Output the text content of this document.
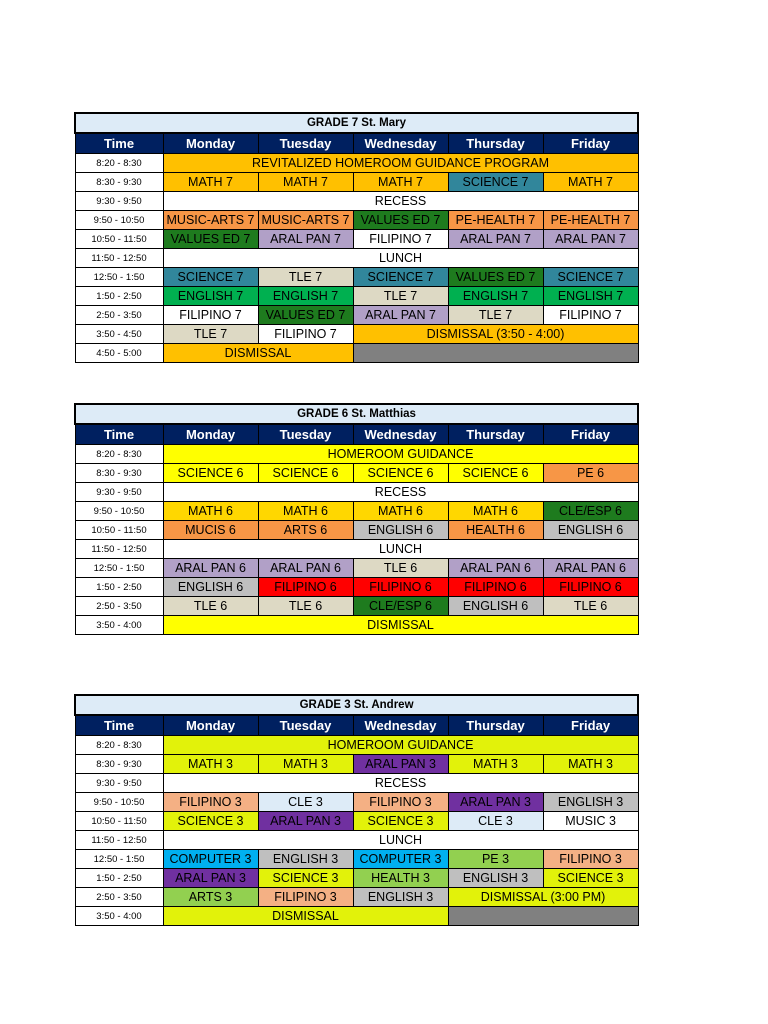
GRADE 7 St. Mary					
Time	Monday	Tuesday	Wednesday	Thursday	Friday
8:20 - 8:30	REVITALIZED HOMEROOM GUIDANCE PROGRAM				
8:30 - 9:30	MATH 7	MATH 7	MATH 7	SCIENCE 7	MATH 7
9:30 - 9:50	RECESS				
9:50 - 10:50	MUSIC-ARTS 7	MUSIC-ARTS 7	VALUES ED 7	PE-HEALTH 7	PE-HEALTH 7
10:50 - 11:50	VALUES ED 7	ARAL PAN 7	FILIPINO 7	ARAL PAN 7	ARAL PAN 7
11:50 - 12:50	LUNCH				
12:50 - 1:50	SCIENCE 7	TLE 7	SCIENCE 7	VALUES ED 7	SCIENCE 7
1:50 - 2:50	ENGLISH 7	ENGLISH 7	TLE 7	ENGLISH 7	ENGLISH 7
2:50 - 3:50	FILIPINO 7	VALUES ED 7	ARAL PAN 7	TLE 7	FILIPINO 7
3:50 - 4:50	TLE 7	FILIPINO 7	DISMISSAL (3:50 - 4:00)		
4:50 - 5:00	DISMISSAL				
GRADE 6 St. Matthias					
Time	Monday	Tuesday	Wednesday	Thursday	Friday
8:20 - 8:30	HOMEROOM GUIDANCE				
8:30 - 9:30	SCIENCE 6	SCIENCE 6	SCIENCE 6	SCIENCE 6	PE 6
9:30 - 9:50	RECESS				
9:50 - 10:50	MATH 6	MATH 6	MATH 6	MATH 6	CLE/ESP 6
10:50 - 11:50	MUCIS 6	ARTS 6	ENGLISH 6	HEALTH 6	ENGLISH 6
11:50 - 12:50	LUNCH				
12:50 - 1:50	ARAL PAN 6	ARAL PAN 6	TLE 6	ARAL PAN 6	ARAL PAN 6
1:50 - 2:50	ENGLISH 6	FILIPINO 6	FILIPINO 6	FILIPINO 6	FILIPINO 6
2:50 - 3:50	TLE 6	TLE 6	CLE/ESP 6	ENGLISH 6	TLE 6
3:50 - 4:00	DISMISSAL				
GRADE 3 St. Andrew					
Time	Monday	Tuesday	Wednesday	Thursday	Friday
8:20 - 8:30	HOMEROOM GUIDANCE				
8:30 - 9:30	MATH 3	MATH 3	ARAL PAN 3	MATH 3	MATH 3
9:30 - 9:50	RECESS				
9:50 - 10:50	FILIPINO 3	CLE 3	FILIPINO 3	ARAL PAN 3	ENGLISH 3
10:50 - 11:50	SCIENCE 3	ARAL PAN 3	SCIENCE 3	CLE 3	MUSIC 3
11:50 - 12:50	LUNCH				
12:50 - 1:50	COMPUTER 3	ENGLISH 3	COMPUTER 3	PE 3	FILIPINO 3
1:50 - 2:50	ARAL PAN 3	SCIENCE 3	HEALTH 3	ENGLISH 3	SCIENCE 3
2:50 - 3:50	ARTS 3	FILIPINO 3	ENGLISH 3	DISMISSAL (3:00 PM)	
3:50 - 4:00	DISMISSAL				
